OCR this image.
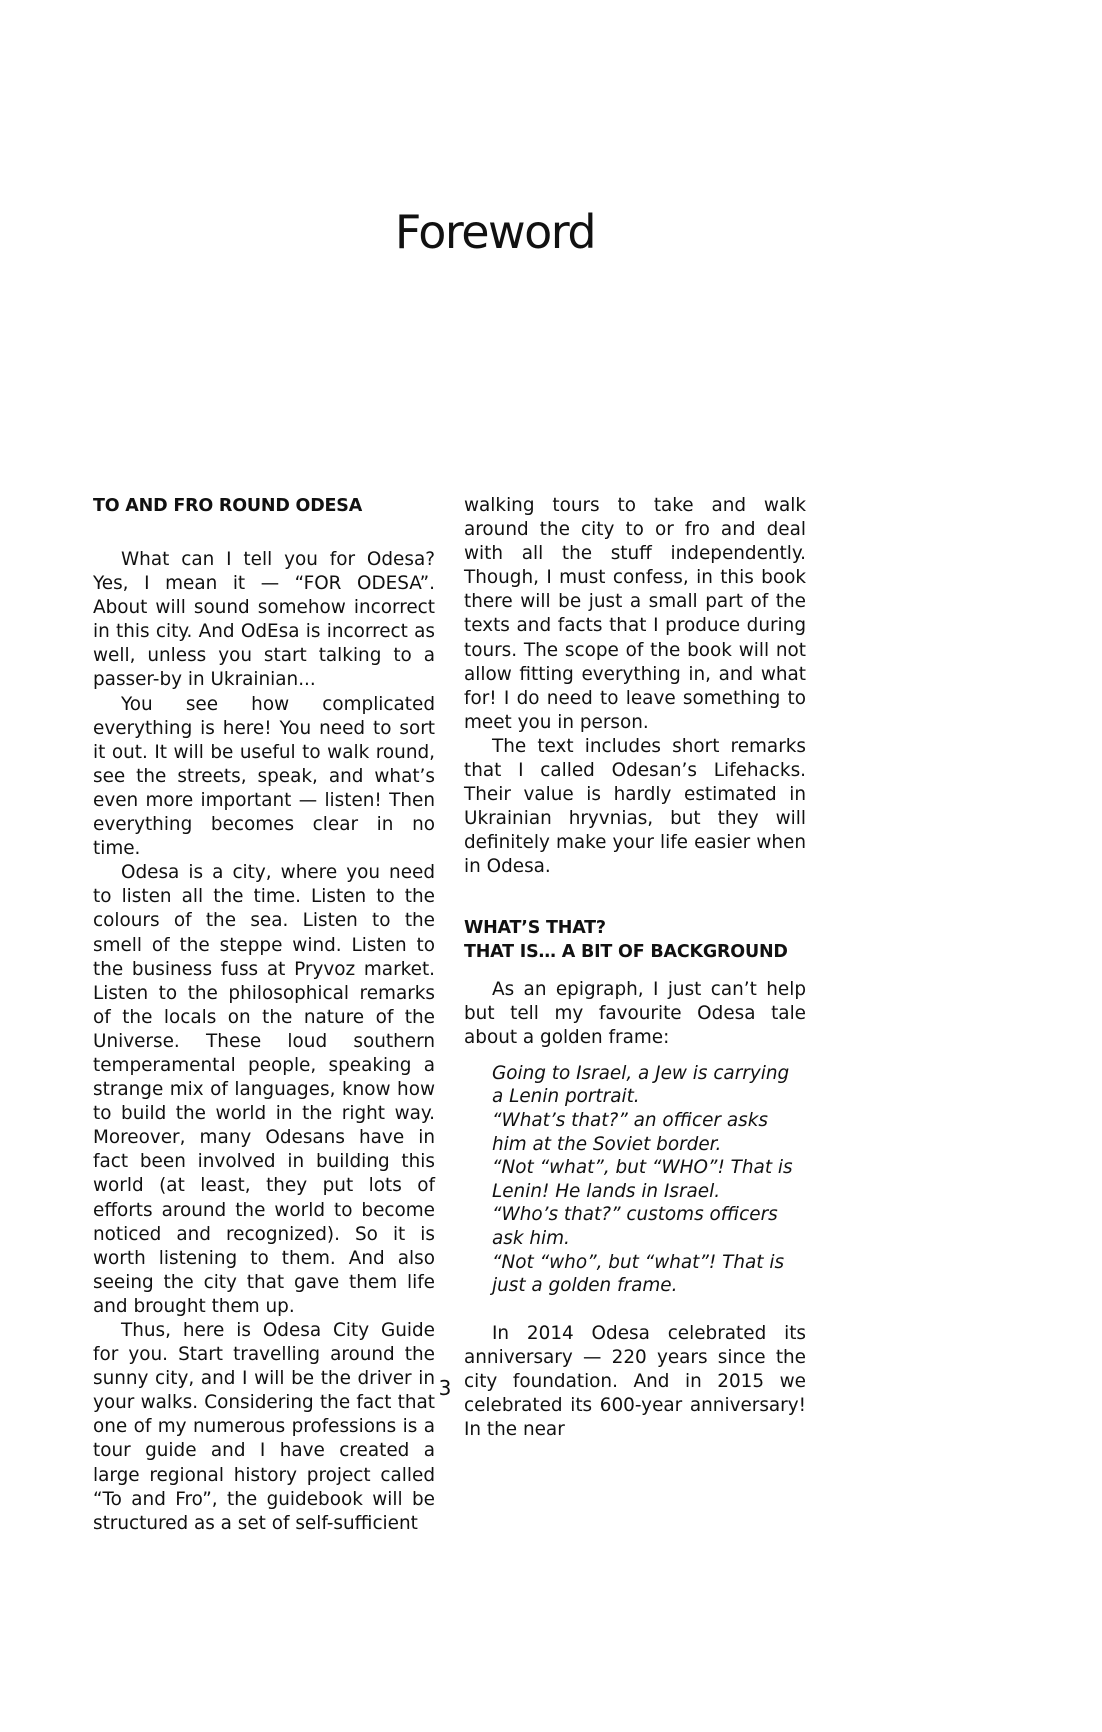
Foreword
TO AND FRO ROUND ODESA

What can I tell you for Odesa? Yes, I mean it — “FOR ODESA”. About will sound somehow incorrect in this city. And OdEsa is incorrect as well, unless you start talking to a passer-by in Ukrainian...

You see how complicated everything is here! You need to sort it out. It will be useful to walk round, see the streets, speak, and what’s even more important — listen! Then everything becomes clear in no time.

Odesa is a city, where you need to listen all the time. Listen to the colours of the sea. Listen to the smell of the steppe wind. Listen to the business fuss at Pryvoz market. Listen to the philosophical remarks of the locals on the nature of the Universe. These loud southern temperamental people, speaking a strange mix of languages, know how to build the world in the right way. Moreover, many Odesans have in fact been involved in building this world (at least, they put lots of efforts around the world to become noticed and recognized). So it is worth listening to them. And also seeing the city that gave them life and brought them up.

Thus, here is Odesa City Guide for you. Start travelling around the sunny city, and I will be the driver in your walks. Considering the fact that one of my numerous professions is a tour guide and I have created a large regional history project called “To and Fro”, the guidebook will be structured as a set of self-sufficient

walking tours to take and walk around the city to or fro and deal with all the stuff independently. Though, I must confess, in this book there will be just a small part of the texts and facts that I produce during tours. The scope of the book will not allow fitting everything in, and what for! I do need to leave something to meet you in person.

The text includes short remarks that I called Odesan’s Lifehacks. Their value is hardly estimated in Ukrainian hryvnias, but they will definitely make your life easier when in Odesa.

WHAT’S THAT?
THAT IS… A BIT OF BACKGROUND

As an epigraph, I just can’t help but tell my favourite Odesa tale about a golden frame:

Going to Israel, a Jew is carrying a Lenin portrait.
“What’s that?” an officer asks him at the Soviet border.
“Not “what”, but “WHO”! That is Lenin! He lands in Israel.
“Who’s that?” customs officers ask him.
“Not “who”, but “what”! That is just a golden frame.

In 2014 Odesa celebrated its anniversary — 220 years since the city foundation. And in 2015 we celebrated its 600-year anniversary! In the near

3
